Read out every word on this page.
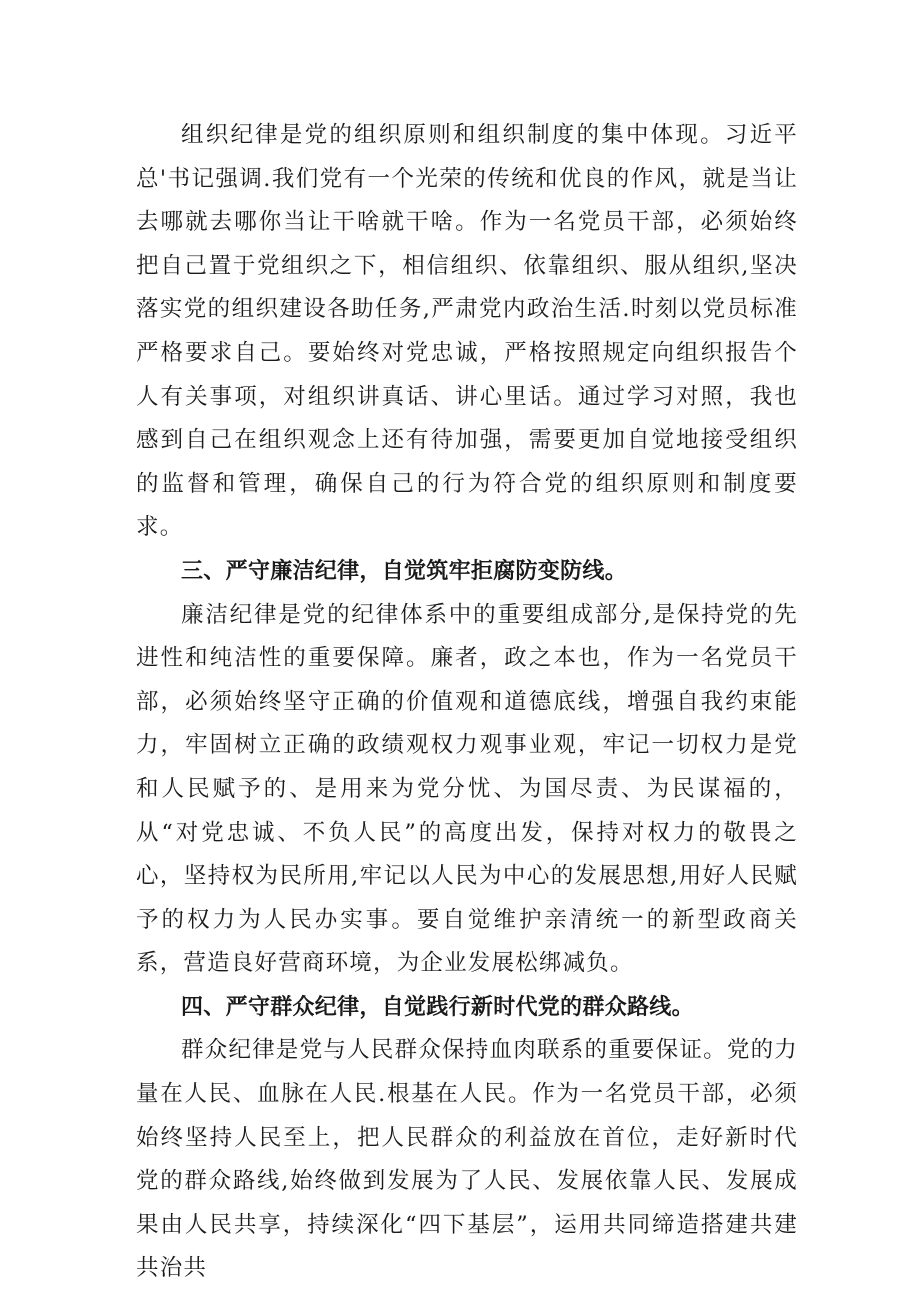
组织纪律是党的组织原则和组织制度的集中体现。习近平总'书记强调.我们党有一个光荣的传统和优良的作风，就是当让去哪就去哪你当让干啥就干啥。作为一名党员干部，必须始终把自己置于党组织之下，相信组织、依靠组织、服从组织,坚决落实党的组织建设各助任务,严肃党内政治生活.时刻以党员标准严格要求自己。要始终对党忠诚，严格按照规定向组织报告个人有关事项，对组织讲真话、讲心里话。通过学习对照，我也感到自己在组织观念上还有待加强，需要更加自觉地接受组织的监督和管理，确保自己的行为符合党的组织原则和制度要求。

三、严守廉洁纪律，自觉筑牢拒腐防变防线。

廉洁纪律是党的纪律体系中的重要组成部分,是保持党的先进性和纯洁性的重要保障。廉者，政之本也，作为一名党员干部，必须始终坚守正确的价值观和道德底线，增强自我约束能力，牢固树立正确的政绩观权力观事业观，牢记一切权力是党和人民赋予的、是用来为党分忧、为国尽责、为民谋福的，从“对党忠诚、不负人民”的高度出发，保持对权力的敬畏之心，坚持权为民所用,牢记以人民为中心的发展思想,用好人民赋予的权力为人民办实事。要自觉维护亲清统一的新型政商关系，营造良好营商环境，为企业发展松绑减负。

四、严守群众纪律，自觉践行新时代党的群众路线。

群众纪律是党与人民群众保持血肉联系的重要保证。党的力量在人民、血脉在人民.根基在人民。作为一名党员干部，必须始终坚持人民至上，把人民群众的利益放在首位，走好新时代党的群众路线,始终做到发展为了人民、发展依靠人民、发展成果由人民共享，持续深化“四下基层”，运用共同缔造搭建共建共治共
